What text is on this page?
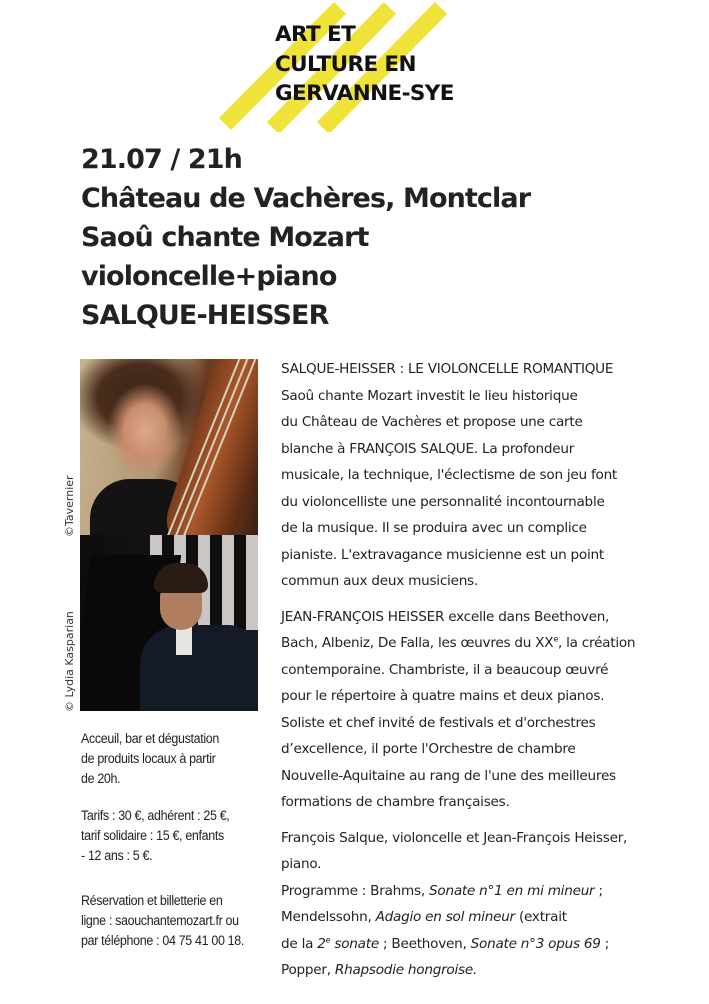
ART ET
CULTURE EN
GERVANNE-SYE
21.07 / 21h
Château de Vachères, Montclar
Saoû chante Mozart
violoncelle+piano
SALQUE-HEISSER
©Tavernier
© Lydia Kasparian

Acceuil, bar et dégustation

de produits locaux à partir

de 20h.

Tarifs : 30 €, adhérent : 25 €,

tarif solidaire : 15 €, enfants

- 12 ans : 5 €.

Réservation et billetterie en

ligne : saouchantemozart.fr ou

par téléphone : 04 75 41 00 18.

SALQUE-HEISSER : LE VIOLONCELLE ROMANTIQUE
Saoû chante Mozart investit le lieu historique
du Château de Vachères et propose une carte
blanche à FRANÇOIS SALQUE. La profondeur
musicale, la technique, l'éclectisme de son jeu font
du violoncelliste une personnalité incontournable
de la musique. Il se produira avec un complice
pianiste. L'extravagance musicienne est un point
commun aux deux musiciens.
JEAN-FRANÇOIS HEISSER excelle dans Beethoven,
Bach, Albeniz, De Falla, les œuvres du XXe, la création
contemporaine. Chambriste, il a beaucoup œuvré
pour le répertoire à quatre mains et deux pianos.
Soliste et chef invité de festivals et d'orchestres
d’excellence, il porte l'Orchestre de chambre
Nouvelle-Aquitaine au rang de l'une des meilleures
formations de chambre françaises.
François Salque, violoncelle et Jean-François Heisser,
piano.
Programme : Brahms, Sonate n°1 en mi mineur ;
Mendelssohn, Adagio en sol mineur (extrait
de la 2e sonate ; Beethoven, Sonate n°3 opus 69 ;
Popper, Rhapsodie hongroise.
